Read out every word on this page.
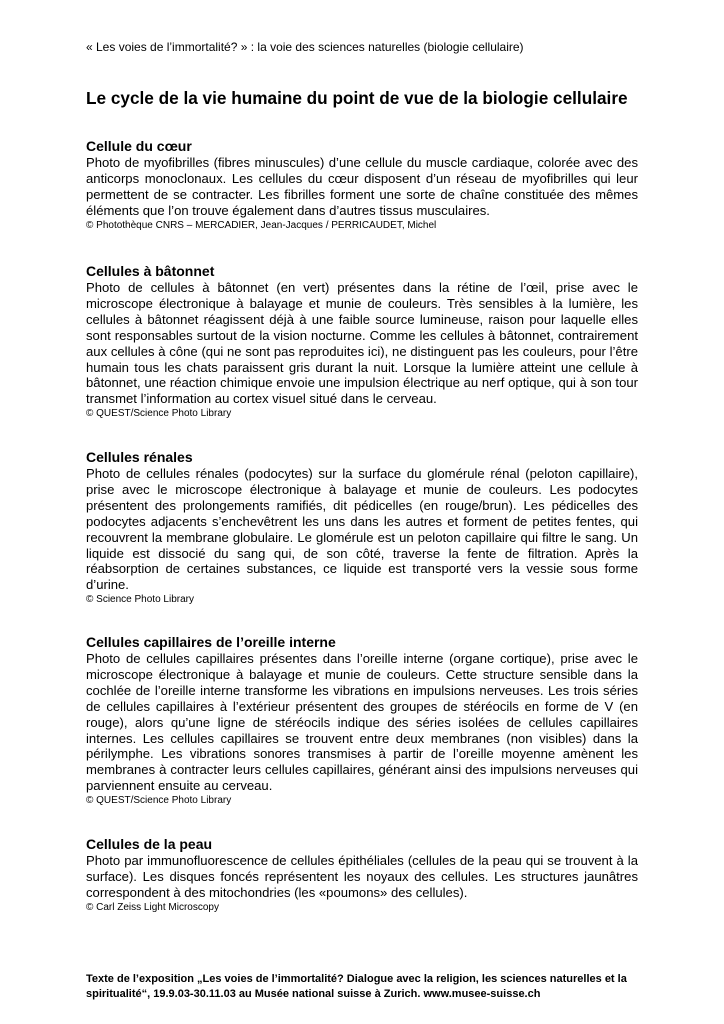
« Les voies de l’immortalité? » : la voie des sciences naturelles (biologie cellulaire)
Le cycle de la vie humaine du point de vue de la biologie cellulaire
Cellule du cœur

Photo de myofibrilles (fibres minuscules) d’une cellule du muscle cardiaque, colorée avec des anticorps monoclonaux. Les cellules du cœur disposent d’un réseau de myofibrilles qui leur permettent de se contracter. Les fibrilles forment une sorte de chaîne constituée des mêmes éléments que l’on trouve également dans d’autres tissus musculaires.

© Photothèque CNRS – MERCADIER, Jean-Jacques / PERRICAUDET, Michel

Cellules à bâtonnet

Photo de cellules à bâtonnet (en vert) présentes dans la rétine de l’œil, prise avec le microscope électronique à balayage et munie de couleurs. Très sensibles à la lumière, les cellules à bâtonnet réagissent déjà à une faible source lumineuse, raison pour laquelle elles sont responsables surtout de la vision nocturne. Comme les cellules à bâtonnet, contrairement aux cellules à cône (qui ne sont pas reproduites ici), ne distinguent pas les couleurs, pour l’être humain tous les chats paraissent gris durant la nuit. Lorsque la lumière atteint une cellule à bâtonnet, une réaction chimique envoie une impulsion électrique au nerf optique, qui à son tour transmet l’information au cortex visuel situé dans le cerveau.

© QUEST/Science Photo Library

Cellules rénales

Photo de cellules rénales (podocytes) sur la surface du glomérule rénal (peloton capillaire), prise avec le microscope électronique à balayage et munie de couleurs. Les podocytes présentent des prolongements ramifiés, dit pédicelles (en rouge/brun). Les pédicelles des podocytes adjacents s’enchevêtrent les uns dans les autres et forment de petites fentes, qui recouvrent la membrane globulaire. Le glomérule est un peloton capillaire qui filtre le sang. Un liquide est dissocié du sang qui, de son côté, traverse la fente de filtration. Après la réabsorption de certaines substances, ce liquide est transporté vers la vessie sous forme d’urine.

© Science Photo Library

Cellules capillaires de l’oreille interne

Photo de cellules capillaires présentes dans l’oreille interne (organe cortique), prise avec le microscope électronique à balayage et munie de couleurs. Cette structure sensible dans la cochlée de l’oreille interne transforme les vibrations en impulsions nerveuses. Les trois séries de cellules capillaires à l’extérieur présentent des groupes de stéréocils en forme de V (en rouge), alors qu’une ligne de stéréocils indique des séries isolées de cellules capillaires internes. Les cellules capillaires se trouvent entre deux membranes (non visibles) dans la périlymphe. Les vibrations sonores transmises à partir de l’oreille moyenne amènent les membranes à contracter leurs cellules capillaires, générant ainsi des impulsions nerveuses qui parviennent ensuite au cerveau.

© QUEST/Science Photo Library

Cellules de la peau

Photo par immunofluorescence de cellules épithéliales (cellules de la peau qui se trouvent à la surface). Les disques foncés représentent les noyaux des cellules. Les structures jaunâtres correspondent à des mitochondries (les «poumons» des cellules).

© Carl Zeiss Light Microscopy

Texte de l’exposition „Les voies de l’immortalité? Dialogue avec la religion, les sciences naturelles et la spiritualité“, 19.9.03-30.11.03 au Musée national suisse à Zurich. www.musee-suisse.ch
